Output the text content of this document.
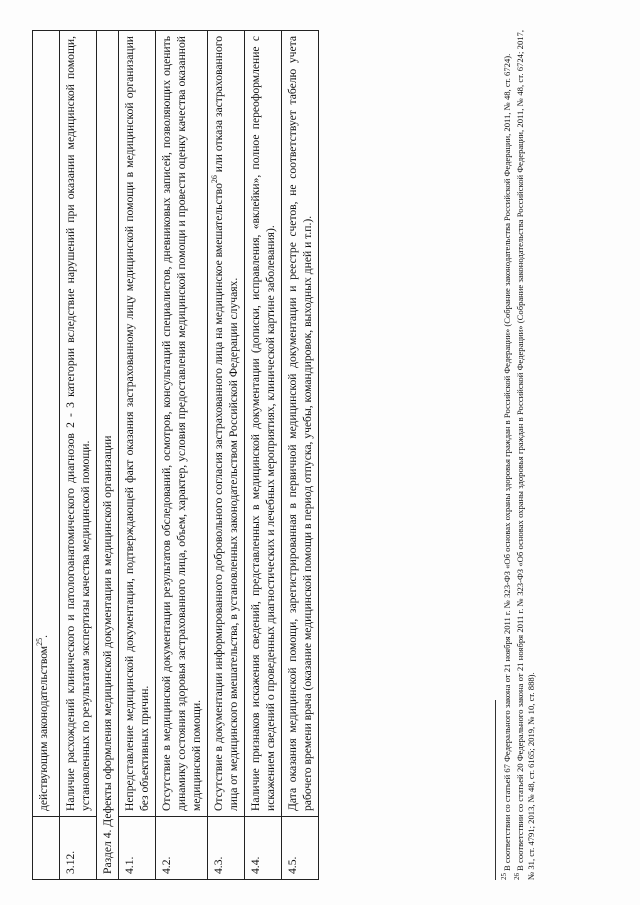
	действующим законодательством$^{25}$.
3.12.	Наличие расхождений клинического и патологоанатомического диагнозов 2 - 3 категории вследствие нарушений при оказании медицинской помощи, установленных по результатам экспертизы качества медицинской помощи.
Раздел 4. Дефекты оформления медицинской документации в медицинской организации	
4.1.	Непредставление медицинской документации, подтверждающей факт оказания застрахованному лицу медицинской помощи в медицинской организации без объективных причин.
4.2.	Отсутствие в медицинской документации результатов обследований, осмотров, консультаций специалистов, дневниковых записей, позволяющих оценить динамику состояния здоровья застрахованного лица, объем, характер, условия предоставления медицинской помощи и провести оценку качества оказанной медицинской помощи.
4.3.	Отсутствие в документации информированного добровольного согласия застрахованного лица на медицинское вмешательство$^{26}$ или отказа застрахованного лица от медицинского вмешательства, в установленных законодательством Российской Федерации случаях.
4.4.	Наличие признаков искажения сведений, представленных в медицинской документации (дописки, исправления, «вклейки», полное переоформление с искажением сведений о проведенных диагностических и лечебных мероприятиях, клинической картине заболевания).
4.5.	Дата оказания медицинской помощи, зарегистрированная в первичной медицинской документации и реестре счетов, не соответствует табелю учета рабочего времени врача (оказание медицинской помощи в период отпуска, учебы, командировок, выходных дней и т.п.).
$^{25}$В соответствии со статьей 67 Федерального закона от 21 ноября 2011 г. № 323-ФЗ «Об основах охраны здоровья граждан в Российской Федерации» (Собрание законодательства Российской Федерации, 2011, № 48, ст. 6724).
$^{26}$В соответствии со статьей 20 Федерального закона от 21 ноября 2011 г. № 323-ФЗ «Об основах охраны здоровья граждан в Российской Федерации» (Собрание законодательства Российской Федерации, 2011, № 48, ст. 6724; 2017, № 31, ст. 4791; 2013, № 48, ст. 6165; 2019, № 10, ст. 888).
